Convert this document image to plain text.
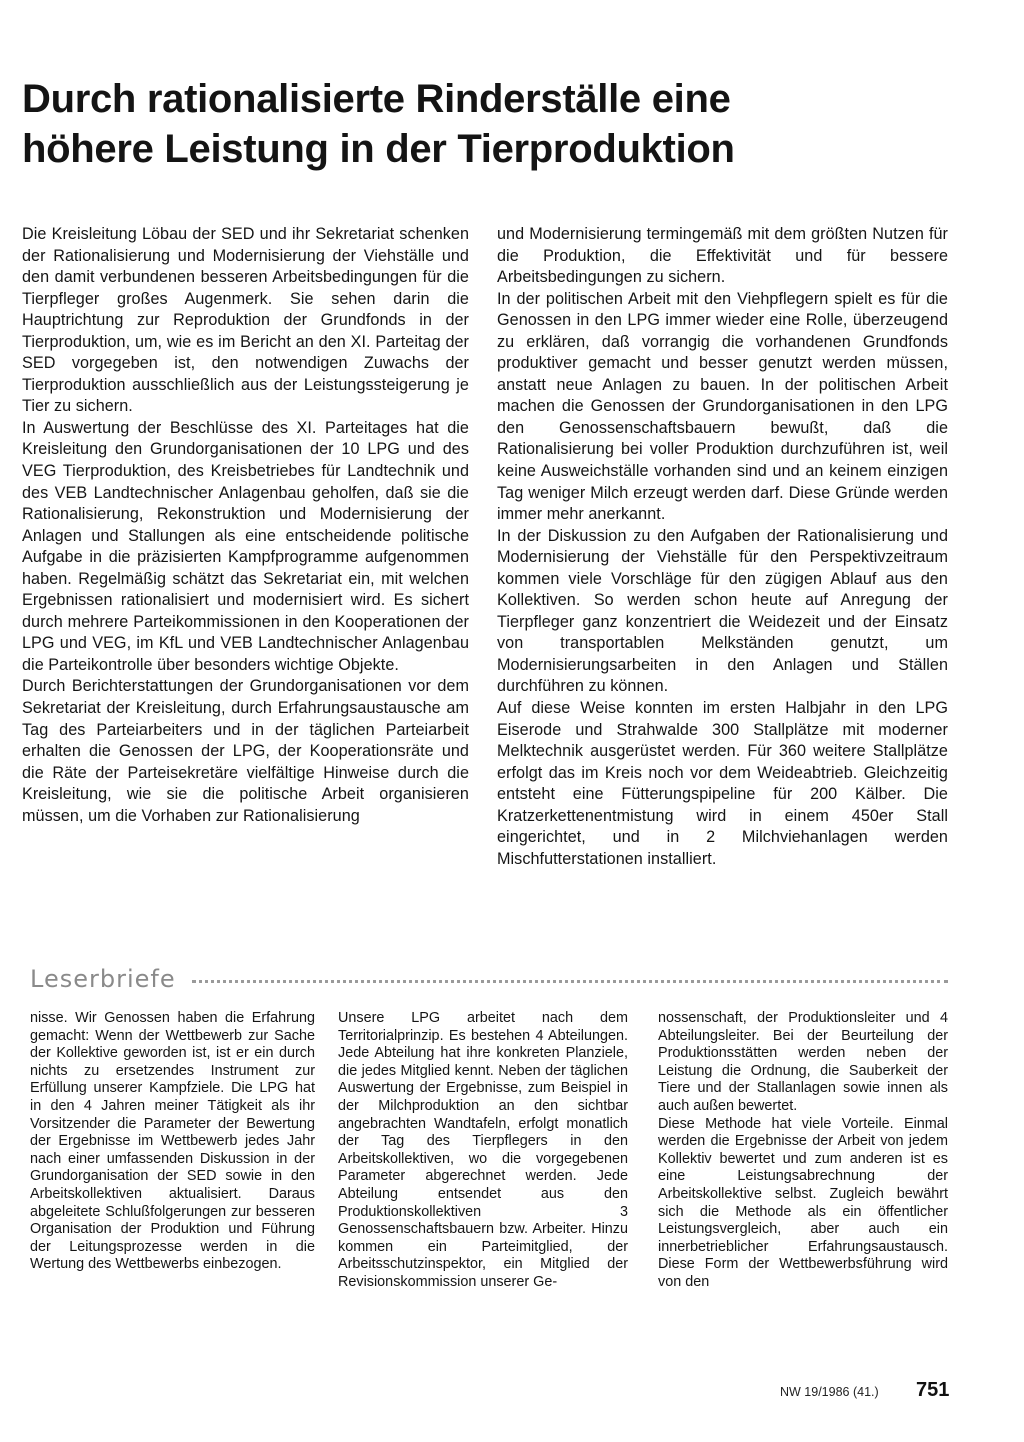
Durch rationalisierte Rinderställe eine
höhere Leistung in der Tierproduktion
Die Kreisleitung Löbau der SED und ihr Sekretariat schenken der Rationalisierung und Modernisierung der Viehställe und den damit verbundenen besseren Arbeitsbedingungen für die Tierpfleger großes Augenmerk. Sie sehen darin die Hauptrichtung zur Reproduktion der Grundfonds in der Tierproduktion, um, wie es im Bericht an den XI. Parteitag der SED vorgegeben ist, den notwendigen Zuwachs der Tierproduktion ausschließlich aus der Leistungssteigerung je Tier zu sichern.
In Auswertung der Beschlüsse des XI. Parteitages hat die Kreisleitung den Grundorganisationen der 10 LPG und des VEG Tierproduktion, des Kreisbetriebes für Landtechnik und des VEB Landtechnischer Anlagenbau geholfen, daß sie die Rationalisierung, Rekonstruktion und Modernisierung der Anlagen und Stallungen als eine entscheidende politische Aufgabe in die präzisierten Kampfprogramme aufgenommen haben. Regelmäßig schätzt das Sekretariat ein, mit welchen Ergebnissen rationalisiert und modernisiert wird. Es sichert durch mehrere Parteikommissionen in den Kooperationen der LPG und VEG, im KfL und VEB Landtechnischer Anlagenbau die Parteikontrolle über besonders wichtige Objekte.
Durch Berichterstattungen der Grundorganisationen vor dem Sekretariat der Kreisleitung, durch Erfahrungsaustausche am Tag des Parteiarbeiters und in der täglichen Parteiarbeit erhalten die Genossen der LPG, der Kooperationsräte und die Räte der Parteisekretäre vielfältige Hinweise durch die Kreisleitung, wie sie die politische Arbeit organisieren müssen, um die Vorhaben zur Rationalisierung
und Modernisierung termingemäß mit dem größten Nutzen für die Produktion, die Effektivität und für bessere Arbeitsbedingungen zu sichern.
In der politischen Arbeit mit den Viehpflegern spielt es für die Genossen in den LPG immer wieder eine Rolle, überzeugend zu erklären, daß vorrangig die vorhandenen Grundfonds produktiver gemacht und besser genutzt werden müssen, anstatt neue Anlagen zu bauen. In der politischen Arbeit machen die Genossen der Grundorganisationen in den LPG den Genossenschaftsbauern bewußt, daß die Rationalisierung bei voller Produktion durchzuführen ist, weil keine Ausweichställe vorhanden sind und an keinem einzigen Tag weniger Milch erzeugt werden darf. Diese Gründe werden immer mehr anerkannt.
In der Diskussion zu den Aufgaben der Rationalisierung und Modernisierung der Viehställe für den Perspektivzeitraum kommen viele Vorschläge für den zügigen Ablauf aus den Kollektiven. So werden schon heute auf Anregung der Tierpfleger ganz konzentriert die Weidezeit und der Einsatz von transportablen Melkständen genutzt, um Modernisierungsarbeiten in den Anlagen und Ställen durchführen zu können.
Auf diese Weise konnten im ersten Halbjahr in den LPG Eiserode und Strahwalde 300 Stallplätze mit moderner Melktechnik ausgerüstet werden. Für 360 weitere Stallplätze erfolgt das im Kreis noch vor dem Weideabtrieb. Gleichzeitig entsteht eine Fütterungspipeline für 200 Kälber. Die Kratzerkettenentmistung wird in einem 450er Stall eingerichtet, und in 2 Milchviehanlagen werden Mischfutterstationen installiert.
Leserbriefe
nisse. Wir Genossen haben die Erfahrung gemacht: Wenn der Wettbewerb zur Sache der Kollektive geworden ist, ist er ein durch nichts zu ersetzendes Instrument zur Erfüllung unserer Kampfziele. Die LPG hat in den 4 Jahren meiner Tätigkeit als ihr Vorsitzender die Parameter der Bewertung der Ergebnisse im Wettbewerb jedes Jahr nach einer umfassenden Diskussion in der Grundorganisation der SED sowie in den Arbeitskollektiven aktualisiert. Daraus abgeleitete Schlußfolgerungen zur besseren Organisation der Produktion und Führung der Leitungsprozesse werden in die Wertung des Wettbewerbs einbezogen.
Unsere LPG arbeitet nach dem Territorialprinzip. Es bestehen 4 Abteilungen. Jede Abteilung hat ihre konkreten Planziele, die jedes Mitglied kennt. Neben der täglichen Auswertung der Ergebnisse, zum Beispiel in der Milchproduktion an den sichtbar angebrachten Wandtafeln, erfolgt monatlich der Tag des Tierpflegers in den Arbeitskollektiven, wo die vorgegebenen Parameter abgerechnet werden. Jede Abteilung entsendet aus den Produktionskollektiven 3 Genossenschaftsbauern bzw. Arbeiter. Hinzu kommen ein Parteimitglied, der Arbeitsschutzinspektor, ein Mitglied der Revisionskommission unserer Ge-
nossenschaft, der Produktionsleiter und 4 Abteilungsleiter. Bei der Beurteilung der Produktionsstätten werden neben der Leistung die Ordnung, die Sauberkeit der Tiere und der Stallanlagen sowie innen als auch außen bewertet.
Diese Methode hat viele Vorteile. Einmal werden die Ergebnisse der Arbeit von jedem Kollektiv bewertet und zum anderen ist es eine Leistungsabrechnung der Arbeitskollektive selbst. Zugleich bewährt sich die Methode als ein öffentlicher Leistungsvergleich, aber auch ein innerbetrieblicher Erfahrungsaustausch. Diese Form der Wettbewerbsführung wird von den
NW 19/1986 (41.) 751
